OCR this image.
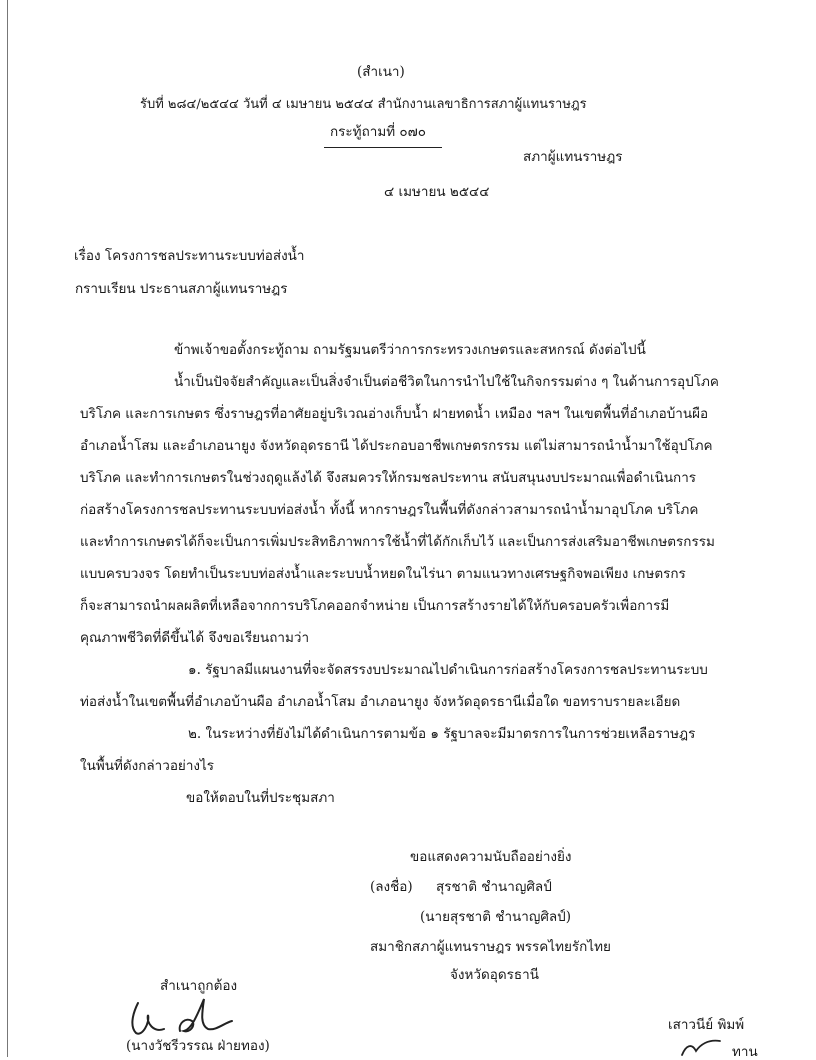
(สำเนา)
รับที่ ๒๘๔/๒๕๔๔ วันที่ ๔ เมษายน ๒๕๔๔ สำนักงานเลขาธิการสภาผู้แทนราษฎร
กระทู้ถามที่ ๐๗๐
สภาผู้แทนราษฎร
๔ เมษายน ๒๕๔๔
เรื่อง โครงการชลประทานระบบท่อส่งน้ำ
กราบเรียน ประธานสภาผู้แทนราษฎร
ข้าพเจ้าขอตั้งกระทู้ถาม ถามรัฐมนตรีว่าการกระทรวงเกษตรและสหกรณ์ ดังต่อไปนี้
น้ำเป็นปัจจัยสำคัญและเป็นสิ่งจำเป็นต่อชีวิตในการนำไปใช้ในกิจกรรมต่าง ๆ ในด้านการอุปโภค
บริโภค และการเกษตร ซึ่งราษฎรที่อาศัยอยู่บริเวณอ่างเก็บน้ำ ฝายทดน้ำ เหมือง ฯลฯ ในเขตพื้นที่อำเภอบ้านผือ
อำเภอน้ำโสม และอำเภอนายูง จังหวัดอุดรธานี ได้ประกอบอาชีพเกษตรกรรม แต่ไม่สามารถนำน้ำมาใช้อุปโภค
บริโภค และทำการเกษตรในช่วงฤดูแล้งได้ จึงสมควรให้กรมชลประทาน สนับสนุนงบประมาณเพื่อดำเนินการ
ก่อสร้างโครงการชลประทานระบบท่อส่งน้ำ ทั้งนี้ หากราษฎรในพื้นที่ดังกล่าวสามารถนำน้ำมาอุปโภค บริโภค
และทำการเกษตรได้ก็จะเป็นการเพิ่มประสิทธิภาพการใช้น้ำที่ได้กักเก็บไว้ และเป็นการส่งเสริมอาชีพเกษตรกรรม
แบบครบวงจร โดยทำเป็นระบบท่อส่งน้ำและระบบน้ำหยดในไร่นา ตามแนวทางเศรษฐกิจพอเพียง เกษตรกร
ก็จะสามารถนำผลผลิตที่เหลือจากการบริโภคออกจำหน่าย เป็นการสร้างรายได้ให้กับครอบครัวเพื่อการมี
คุณภาพชีวิตที่ดีขึ้นได้ จึงขอเรียนถามว่า
๑. รัฐบาลมีแผนงานที่จะจัดสรรงบประมาณไปดำเนินการก่อสร้างโครงการชลประทานระบบ
ท่อส่งน้ำในเขตพื้นที่อำเภอบ้านผือ อำเภอน้ำโสม อำเภอนายูง จังหวัดอุดรธานีเมื่อใด ขอทราบรายละเอียด
๒. ในระหว่างที่ยังไม่ได้ดำเนินการตามข้อ ๑ รัฐบาลจะมีมาตรการในการช่วยเหลือราษฎร
ในพื้นที่ดังกล่าวอย่างไร
ขอให้ตอบในที่ประชุมสภา
ขอแสดงความนับถืออย่างยิ่ง
(ลงชื่อ) สุรชาติ ชำนาญศิลป์
(นายสุรชาติ ชำนาญศิลป์)
สมาชิกสภาผู้แทนราษฎร พรรคไทยรักไทย
จังหวัดอุดรธานี
สำเนาถูกต้อง
(นางวัชรีวรรณ ฝ่ายทอง)
เสาวนีย์ พิมพ์
ทาน
